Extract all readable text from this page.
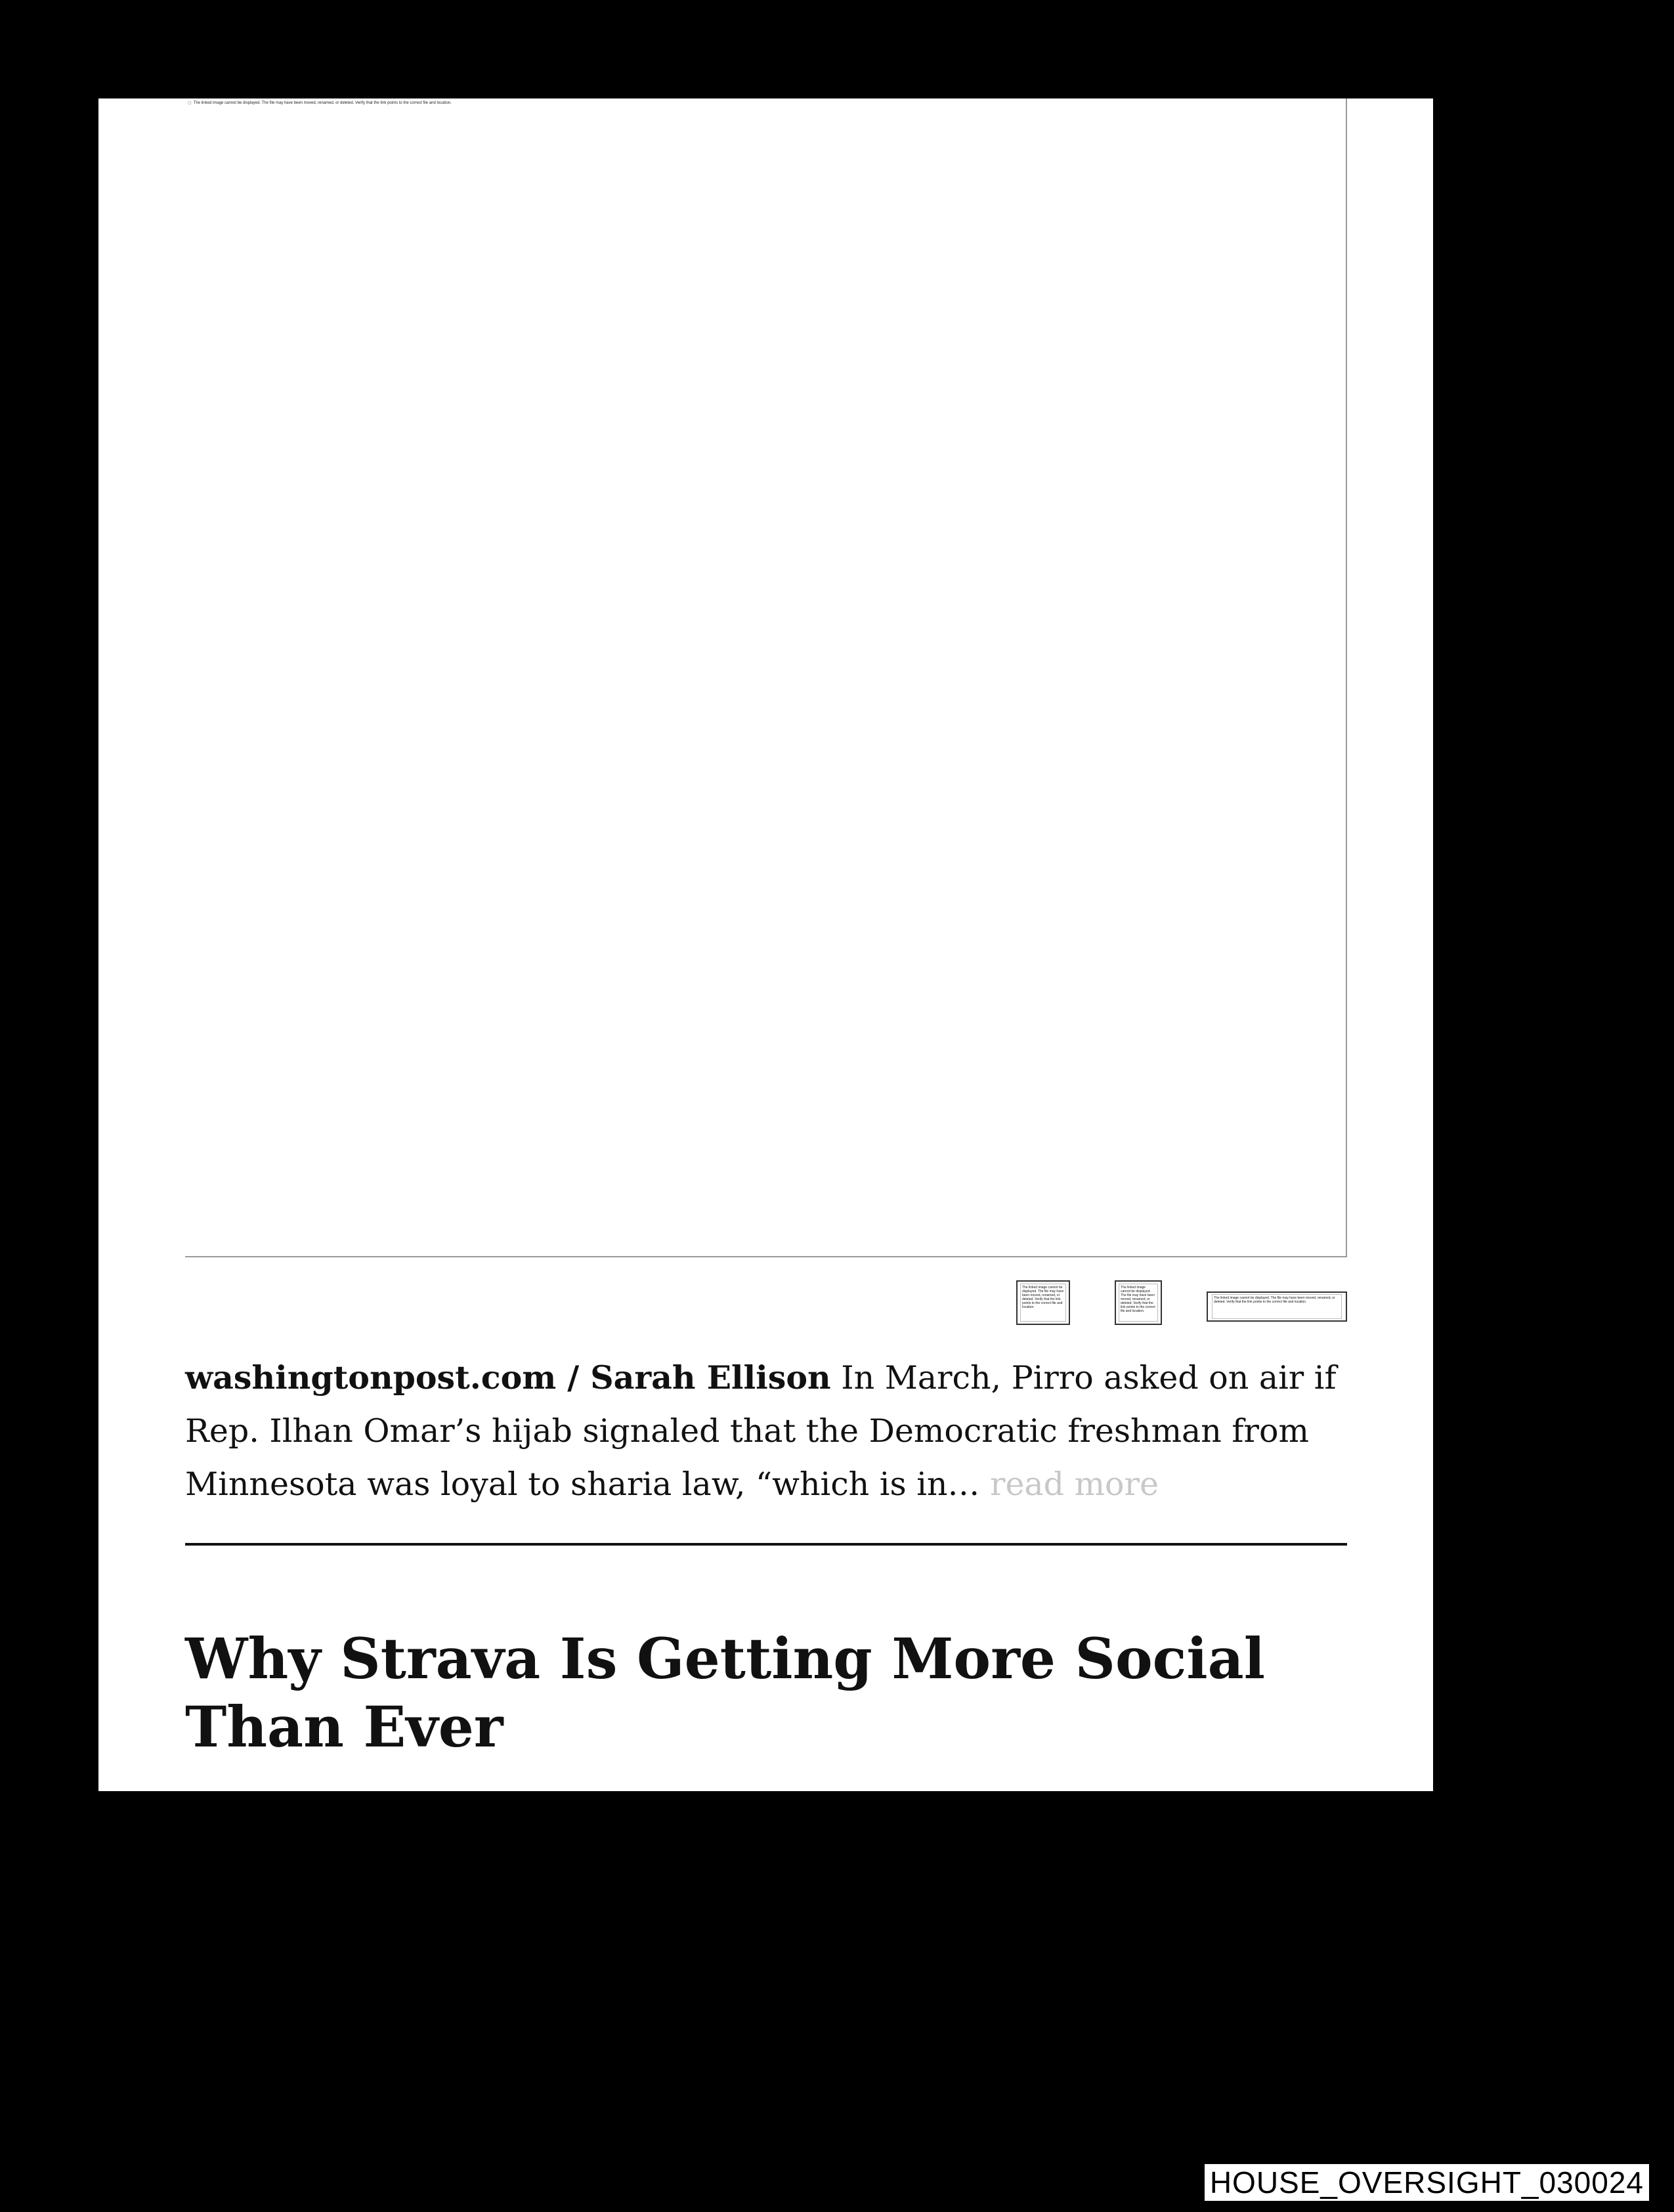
▢ The linked image cannot be displayed. The file may have been moved, renamed, or deleted. Verify that the link points to the correct file and location.
The linked image cannot be displayed. The file may have been moved, renamed, or deleted. Verify that the link points to the correct file and location.
The linked image cannot be displayed. The file may have been moved, renamed, or deleted. Verify that the link points to the correct file and location.
The linked image cannot be displayed. The file may have been moved, renamed, or deleted. Verify that the link points to the correct file and location.

washingtonpost.com / Sarah Ellison In March, Pirro asked on air if Rep. Ilhan Omar’s hijab signaled that the Democratic freshman from Minnesota was loyal to sharia law, “which is in… read more

Why Strava Is Getting More Social Than Ever
HOUSE_OVERSIGHT_030024
